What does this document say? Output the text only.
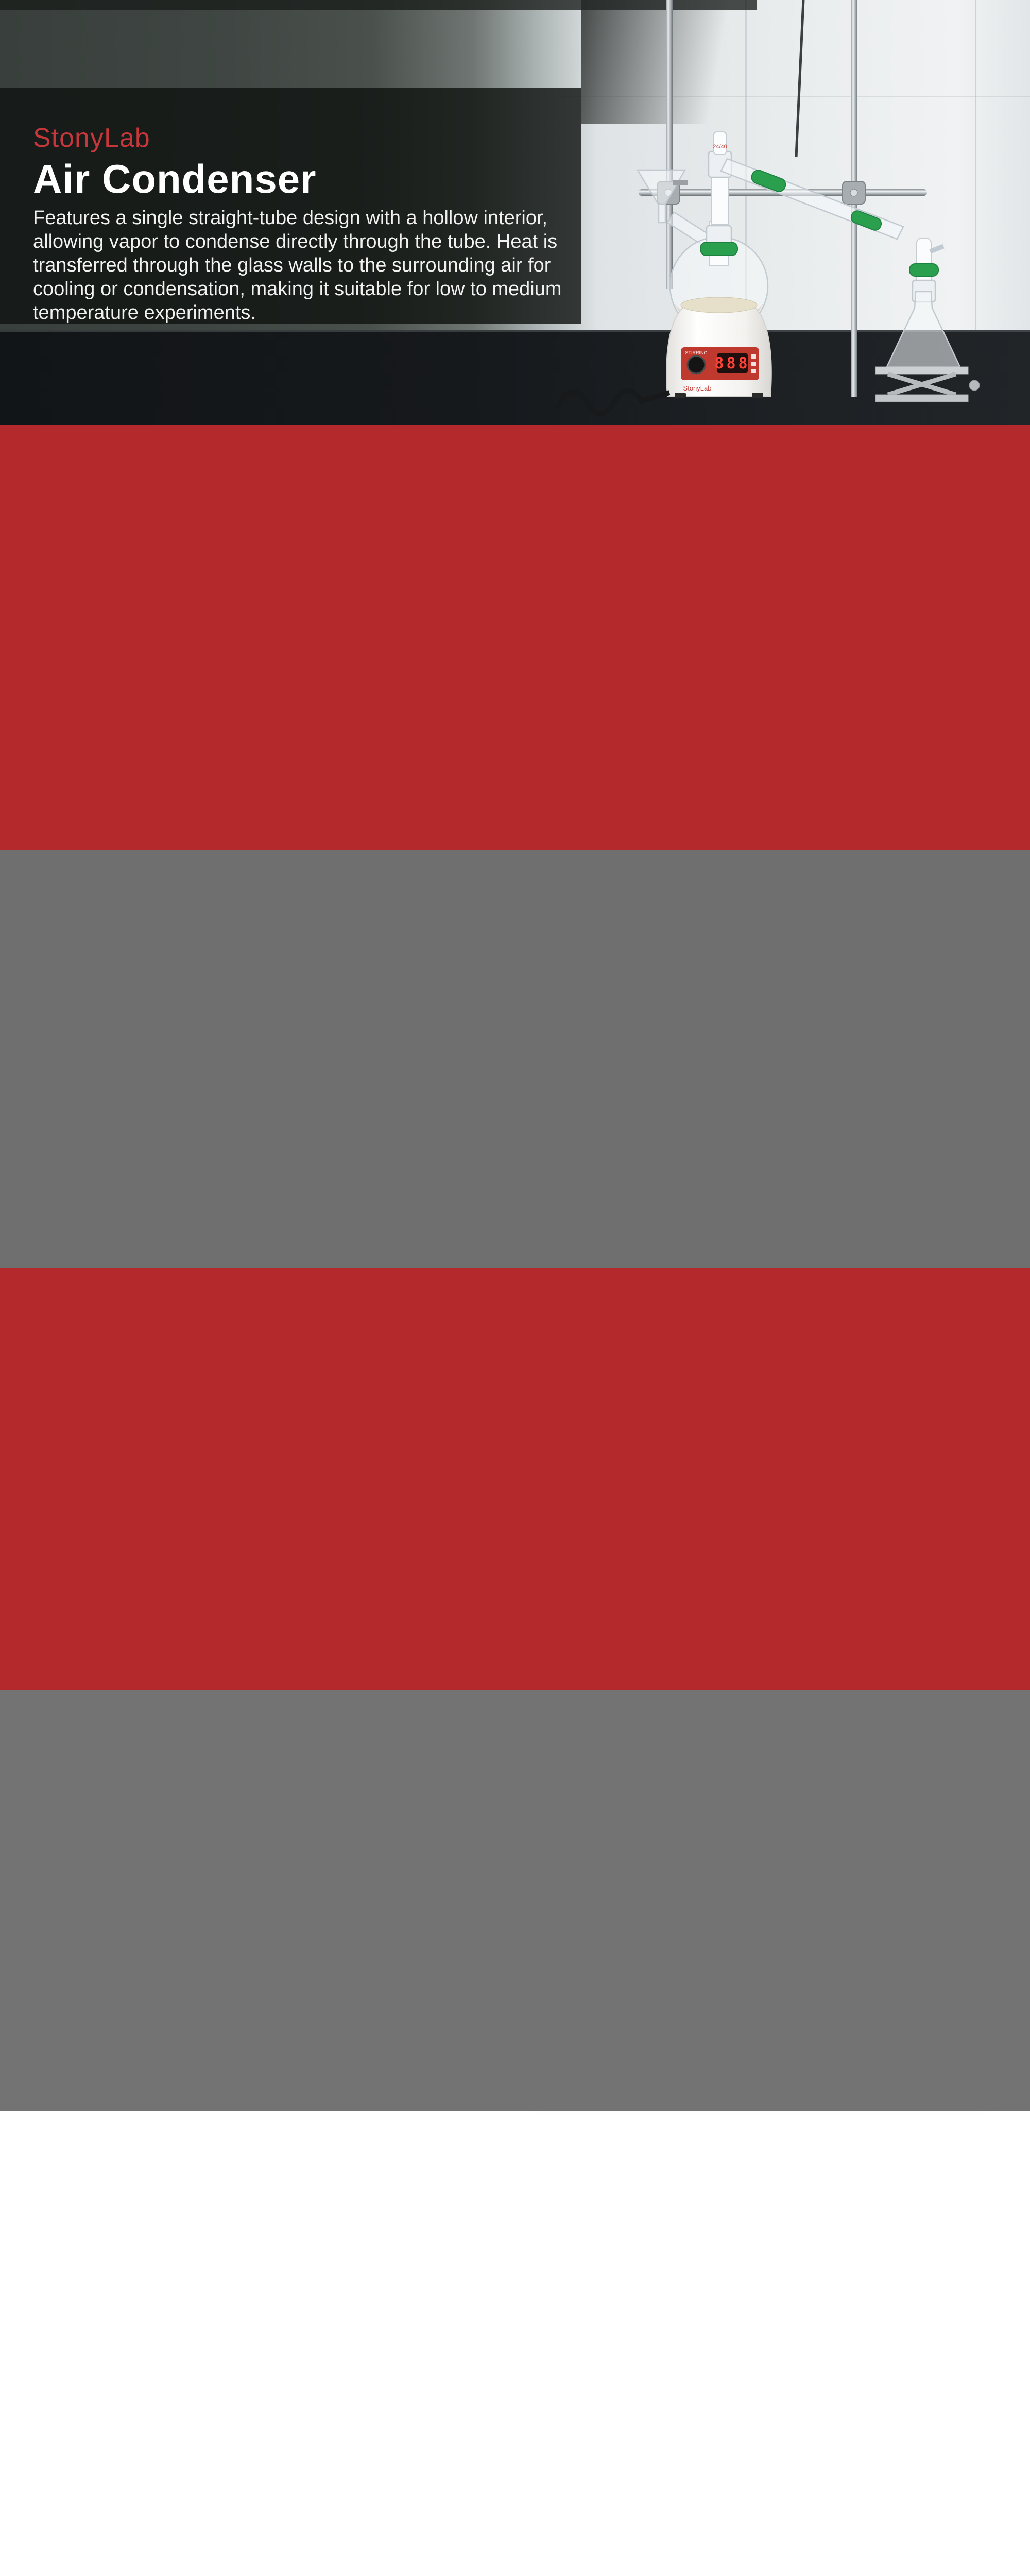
24/40
888
STIRRING
StonyLab
StonyLab
Air Condenser

Features a single straight-tube design with a hollow interior, allowing vapor to condense directly through the tube. Heat is transferred through the glass walls to the surrounding air for cooling or condensation, making it suitable for low to medium temperature experiments.
